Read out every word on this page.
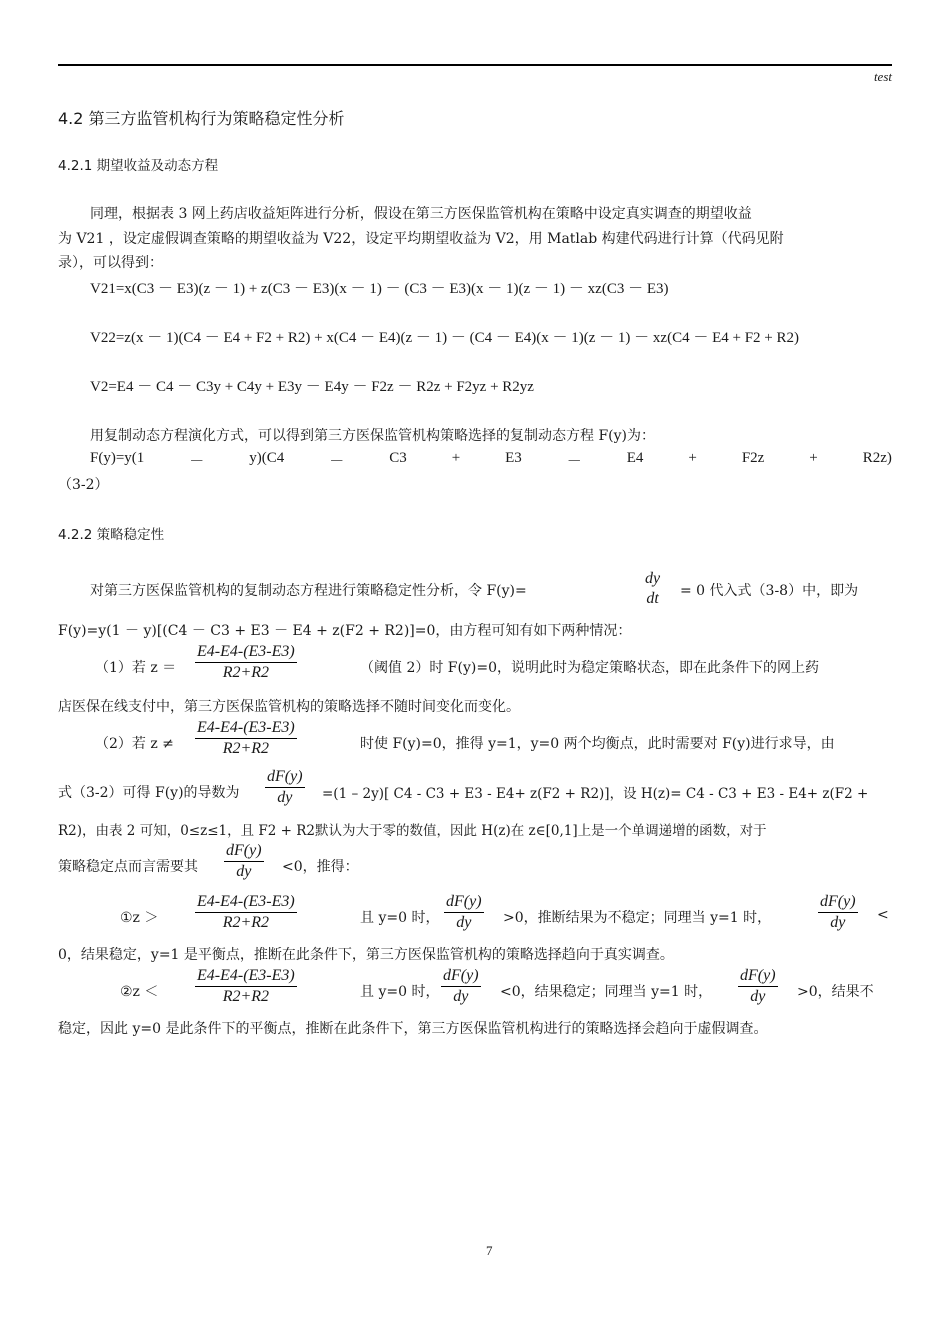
test
4.2 第三方监管机构行为策略稳定性分析
4.2.1 期望收益及动态方程
同理，根据表 3 网上药店收益矩阵进行分析，假设在第三方医保监管机构在策略中设定真实调查的期望收益
为 V21 ，设定虚假调查策略的期望收益为 V22，设定平均期望收益为 V2，用 Matlab 构建代码进行计算（代码见附
录），可以得到：
V21=x(C3 － E3)(z － 1) + z(C3 － E3)(x － 1) － (C3 － E3)(x － 1)(z － 1) － xz(C3 － E3)
V22=z(x － 1)(C4 － E4 + F2 + R2) + x(C4 － E4)(z － 1) － (C4 － E4)(x － 1)(z － 1) － xz(C4 － E4 + F2 + R2)
V2=E4 － C4 － C3y + C4y + E3y － E4y － F2z － R2z + F2yz + R2yz
用复制动态方程演化方式，可以得到第三方医保监管机构策略选择的复制动态方程 F(y)为：
F(y)=y(1	－	y)(C4	－	C3	+	E3	－	E4	+	F2z	+	R2z)
（3-2）
4.2.2 策略稳定性
对第三方医保监管机构的复制动态方程进行策略稳定性分析，令 F(y)=
dy
dt = 0 代入式（3-8）中，即为
F(y)=y(1 － y)[(C4 － C3 + E3 － E4 + z(F2 + R2)]=0，由方程可知有如下两种情况：
（1）若 $z = \frac{E4-E4-(E3-E3)}{R2+R2}$	（阈值 2）时 F(y)=0，说明此时为稳定策略状态，即在此条件下的网上药
店医保在线支付中，第三方医保监管机构的策略选择不随时间变化而变化。
（2）若 $z \ne \frac{E4-E4-(E3-E3)}{R2+R2}$	时使 F(y)=0，推得 y=1，y=0 两个均衡点，此时需要对 F(y)进行求导，由
式（3-2）可得 F(y)的导数为 $\frac{dF(y)}{dy} =(1 - 2y)$[ C4 - C3 + E3 - E4+ z(F2 + R2)]，设 H(z)= C4 - C3 + E3 - E4+ z(F2 +
R2)，由表 2 可知，0≤z≤1，且 F2 + R2默认为大于零的数值，因此 H(z)在 z∈[0,1]上是一个单调递增的函数，对于
策略稳定点而言需要其 $\frac{dF(y)}{dy} <0$，推得：
①z ＞ $\frac{E4-E4-(E3-E3)}{R2+R2}$	且 y=0 时， $\frac{dF(y)}{dy} >0$，推断结果为不稳定；同理当 y=1 时，	$\frac{dF(y)}{dy}$ <
0，结果稳定，y=1 是平衡点，推断在此条件下，第三方医保监管机构的策略选择趋向于真实调查。
②z ＜ $\frac{E4-E4-(E3-E3)}{R2+R2}$	且 y=0 时， $\frac{dF(y)}{dy} <0$，结果稳定；同理当 y=1 时， $\frac{dF(y)}{dy} >0$，结果不
稳定，因此 y=0 是此条件下的平衡点，推断在此条件下，第三方医保监管机构进行的策略选择会趋向于虚假调查。
7
